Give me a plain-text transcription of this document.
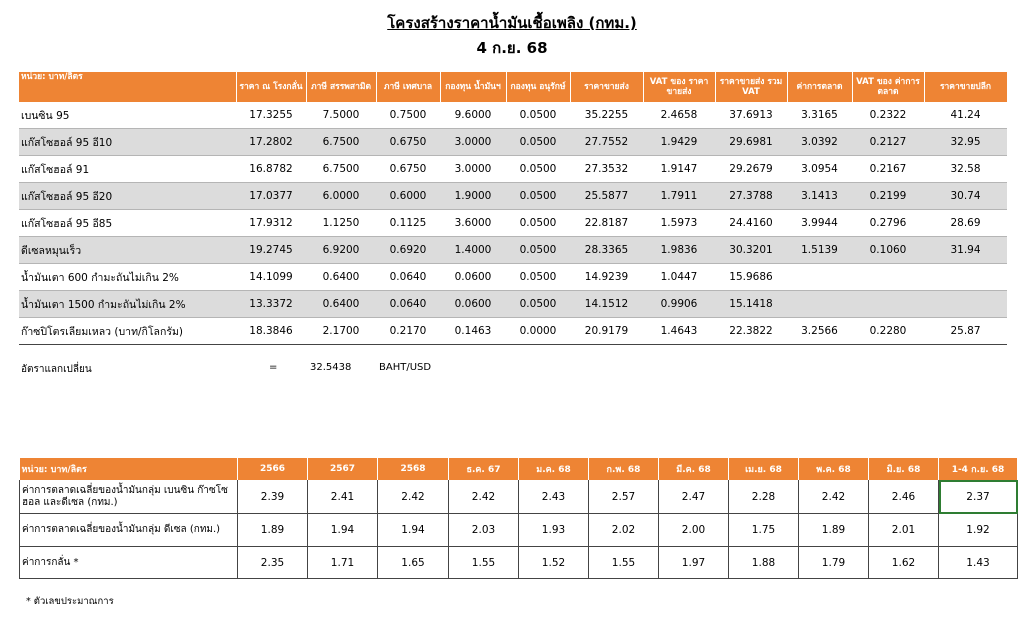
โครงสร้างราคาน้ำมันเชื้อเพลิง (กทม.)
4 ก.ย. 68
หน่วย: บาท/ลิตร	ราคา ณ โรงกลั่น	ภาษี สรรพสามิต	ภาษี เทศบาล	กองทุน น้ำมันฯ	กองทุน อนุรักษ์	ราคาขายส่ง	VAT ของ ราคาขายส่ง	ราคาขายส่ง รวม VAT	ค่าการตลาด	VAT ของ ค่าการตลาด	ราคาขายปลีก
เบนซิน 95	17.3255	7.5000	0.7500	9.6000	0.0500	35.2255	2.4658	37.6913	3.3165	0.2322	41.24
แก๊สโซฮอล์ 95 อี10	17.2802	6.7500	0.6750	3.0000	0.0500	27.7552	1.9429	29.6981	3.0392	0.2127	32.95
แก๊สโซฮอล์ 91	16.8782	6.7500	0.6750	3.0000	0.0500	27.3532	1.9147	29.2679	3.0954	0.2167	32.58
แก๊สโซฮอล์ 95 อี20	17.0377	6.0000	0.6000	1.9000	0.0500	25.5877	1.7911	27.3788	3.1413	0.2199	30.74
แก๊สโซฮอล์ 95 อี85	17.9312	1.1250	0.1125	3.6000	0.0500	22.8187	1.5973	24.4160	3.9944	0.2796	28.69
ดีเซลหมุนเร็ว	19.2745	6.9200	0.6920	1.4000	0.0500	28.3365	1.9836	30.3201	1.5139	0.1060	31.94
น้ำมันเตา 600 กำมะถันไม่เกิน 2%	14.1099	0.6400	0.0640	0.0600	0.0500	14.9239	1.0447	15.9686			
น้ำมันเตา 1500 กำมะถันไม่เกิน 2%	13.3372	0.6400	0.0640	0.0600	0.0500	14.1512	0.9906	15.1418			
ก๊าซปิโตรเลียมเหลว (บาท/กิโลกรัม)	18.3846	2.1700	0.2170	0.1463	0.0000	20.9179	1.4643	22.3822	3.2566	0.2280	25.87
อัตราแลกเปลี่ยน	=	32.5438	BAHT/USD
หน่วย: บาท/ลิตร	2566	2567	2568	ธ.ค. 67	ม.ค. 68	ก.พ. 68	มี.ค. 68	เม.ย. 68	พ.ค. 68	มิ.ย. 68	1-4 ก.ย. 68
ค่าการตลาดเฉลี่ยของน้ำมันกลุ่ม เบนซิน ก๊าซโซฮอล และดีเซล (กทม.)	2.39	2.41	2.42	2.42	2.43	2.57	2.47	2.28	2.42	2.46	2.37
ค่าการตลาดเฉลี่ยของน้ำมันกลุ่ม ดีเซล (กทม.)	1.89	1.94	1.94	2.03	1.93	2.02	2.00	1.75	1.89	2.01	1.92
ค่าการกลั่น *	2.35	1.71	1.65	1.55	1.52	1.55	1.97	1.88	1.79	1.62	1.43
* ตัวเลขประมาณการ
